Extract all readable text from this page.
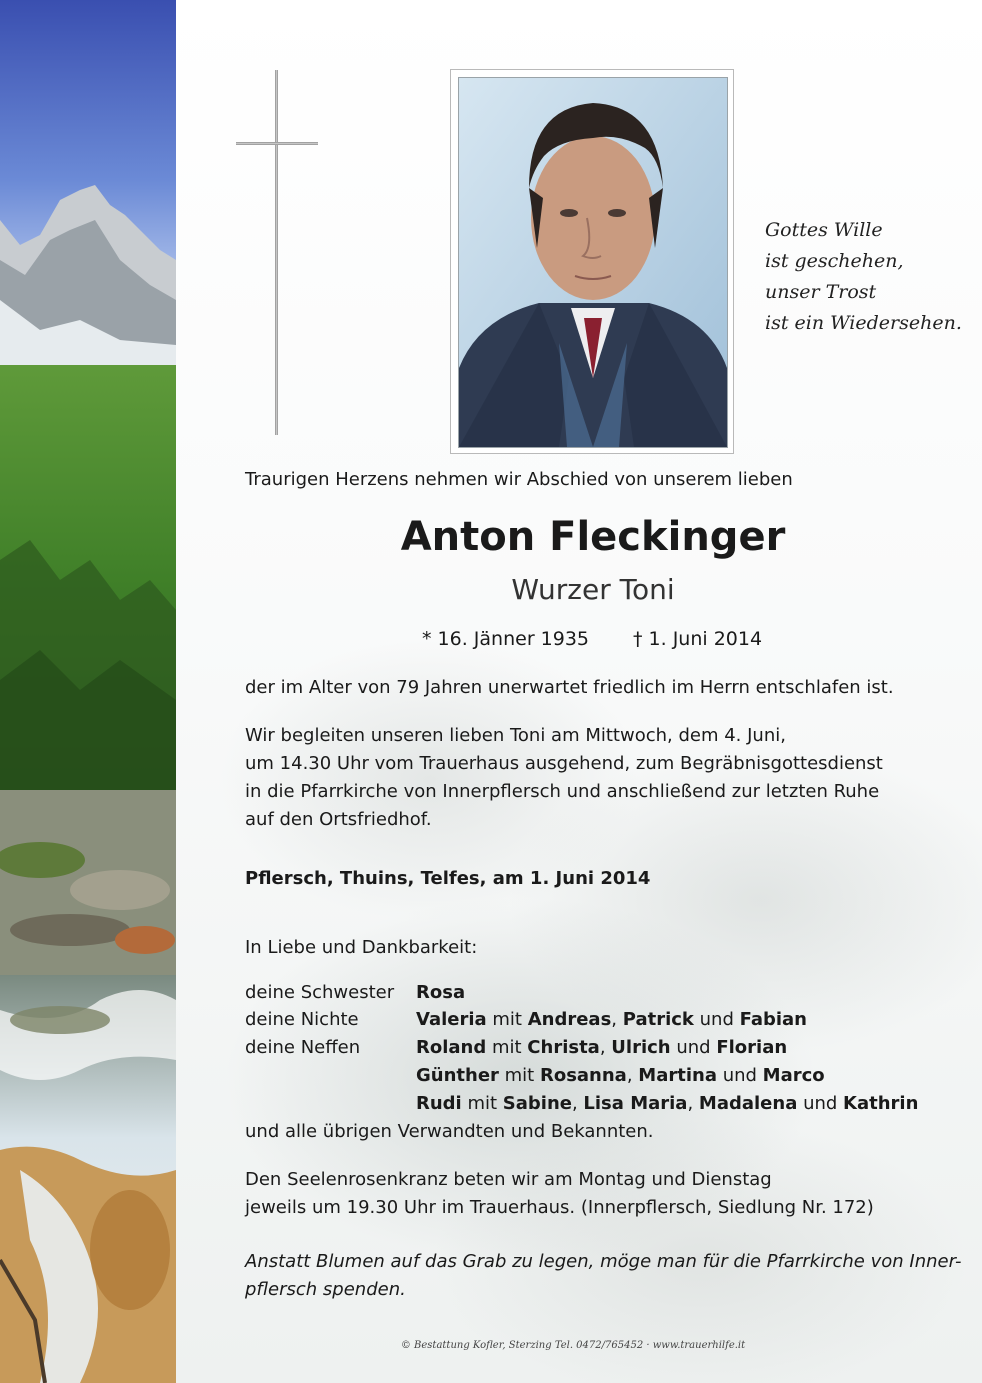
Gottes Wille
ist geschehen,
unser Trost
ist ein Wiedersehen.
Traurigen Herzens nehmen wir Abschied von unserem lieben
Anton Fleckinger
Wurzer Toni
* 16. Jänner 1935 † 1. Juni 2014
der im Alter von 79 Jahren unerwartet friedlich im Herrn entschlafen ist.
Wir begleiten unseren lieben Toni am Mittwoch, dem 4. Juni,
um 14.30 Uhr vom Trauerhaus ausgehend, zum Begräbnisgottesdienst
in die Pfarrkirche von Innerpflersch und anschließend zur letzten Ruhe
auf den Ortsfriedhof.
Pflersch, Thuins, Telfes, am 1. Juni 2014
In Liebe und Dankbarkeit:
deine Schwester
deine Nichte
deine Neffen
Rosa
Valeria mit Andreas, Patrick und Fabian
Roland mit Christa, Ulrich und Florian
Günther mit Rosanna, Martina und Marco
Rudi mit Sabine, Lisa Maria, Madalena und Kathrin
und alle übrigen Verwandten und Bekannten.
Den Seelenrosenkranz beten wir am Montag und Dienstag
jeweils um 19.30 Uhr im Trauerhaus. (Innerpflersch, Siedlung Nr. 172)
Anstatt Blumen auf das Grab zu legen, möge man für die Pfarrkirche von Inner-
pflersch spenden.
© Bestattung Kofler, Sterzing Tel. 0472/765452 · www.trauerhilfe.it
